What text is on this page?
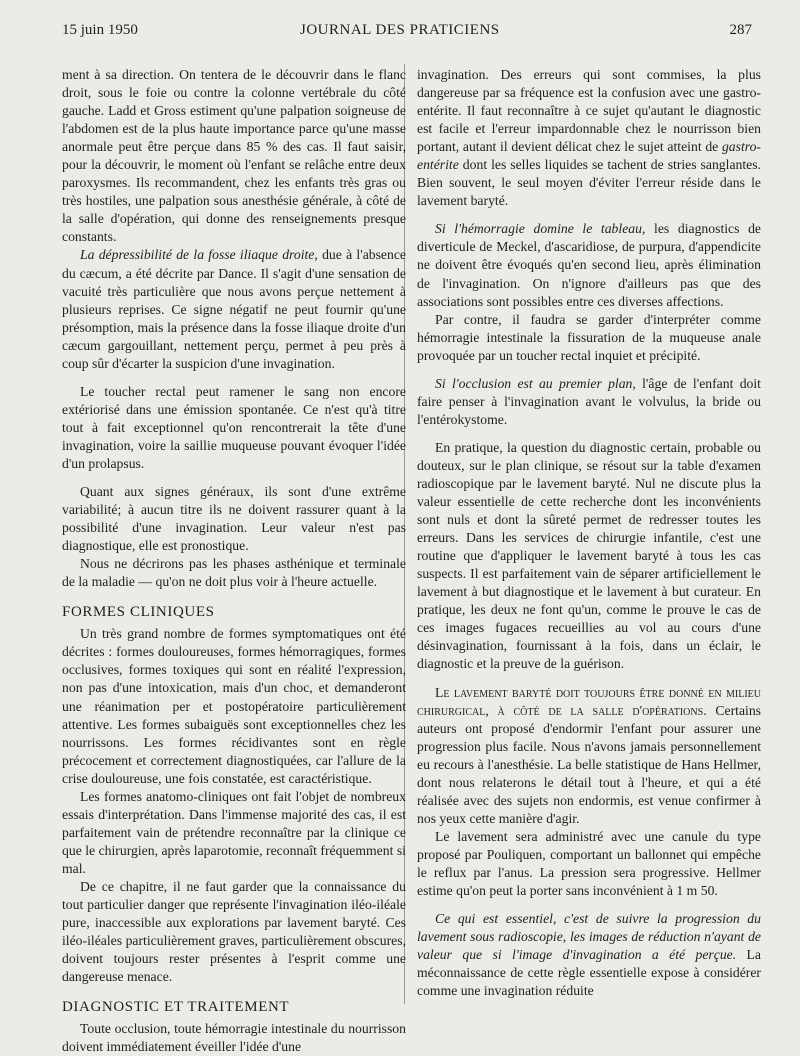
15 juin 1950	JOURNAL DES PRATICIENS	287

ment à sa direction. On tentera de le découvrir dans le flanc droit, sous le foie ou contre la colonne vertébrale du côté gauche. Ladd et Gross estiment qu'une palpation soigneuse de l'abdomen est de la plus haute importance parce qu'une masse anormale peut être perçue dans 85 % des cas. Il faut saisir, pour la découvrir, le moment où l'enfant se relâche entre deux paroxysmes. Ils recommandent, chez les enfants très gras ou très hostiles, une palpation sous anesthésie générale, à côté de la salle d'opération, qui donne des renseignements presque constants.

La dépressibilité de la fosse iliaque droite, due à l'absence du cæcum, a été décrite par Dance. Il s'agit d'une sensation de vacuité très particulière que nous avons perçue nettement à plusieurs reprises. Ce signe négatif ne peut fournir qu'une présomption, mais la présence dans la fosse iliaque droite d'un cæcum gargouillant, nettement perçu, permet à peu près à coup sûr d'écarter la suspicion d'une invagination.

Le toucher rectal peut ramener le sang non encore extériorisé dans une émission spontanée. Ce n'est qu'à titre tout à fait exceptionnel qu'on rencontrerait la tête d'une invagination, voire la saillie muqueuse pouvant évoquer l'idée d'un prolapsus.

Quant aux signes généraux, ils sont d'une extrême variabilité; à aucun titre ils ne doivent rassurer quant à la possibilité d'une invagination. Leur valeur n'est pas diagnostique, elle est pronostique.

Nous ne décrirons pas les phases asthénique et terminale de la maladie — qu'on ne doit plus voir à l'heure actuelle.

FORMES CLINIQUES

Un très grand nombre de formes symptomatiques ont été décrites : formes douloureuses, formes hémorragiques, formes occlusives, formes toxiques qui sont en réalité l'expression, non pas d'une intoxication, mais d'un choc, et demanderont une réanimation per et postopératoire particulièrement attentive. Les formes subaiguës sont exceptionnelles chez les nourrissons. Les formes récidivantes sont en règle précocement et correctement diagnostiquées, car l'allure de la crise douloureuse, une fois constatée, est caractéristique.

Les formes anatomo-cliniques ont fait l'objet de nombreux essais d'interprétation. Dans l'immense majorité des cas, il est parfaitement vain de prétendre reconnaître par la clinique ce que le chirurgien, après laparotomie, reconnaît fréquemment si mal.

De ce chapitre, il ne faut garder que la connaissance du tout particulier danger que représente l'invagination iléo-iléale pure, inaccessible aux explorations par lavement baryté. Ces iléo-iléales particulièrement graves, particulièrement obscures, doivent toujours rester présentes à l'esprit comme une dangereuse menace.

DIAGNOSTIC ET TRAITEMENT

Toute occlusion, toute hémorragie intestinale du nourrisson doivent immédiatement éveiller l'idée d'une

invagination. Des erreurs qui sont commises, la plus dangereuse par sa fréquence est la confusion avec une gastro-entérite. Il faut reconnaître à ce sujet qu'autant le diagnostic est facile et l'erreur impardonnable chez le nourrisson bien portant, autant il devient délicat chez le sujet atteint de gastro-entérite dont les selles liquides se tachent de stries sanglantes. Bien souvent, le seul moyen d'éviter l'erreur réside dans le lavement baryté.

Si l'hémorragie domine le tableau, les diagnostics de diverticule de Meckel, d'ascaridiose, de purpura, d'appendicite ne doivent être évoqués qu'en second lieu, après élimination de l'invagination. On n'ignore d'ailleurs pas que des associations sont possibles entre ces diverses affections.

Par contre, il faudra se garder d'interpréter comme hémorragie intestinale la fissuration de la muqueuse anale provoquée par un toucher rectal inquiet et précipité.

Si l'occlusion est au premier plan, l'âge de l'enfant doit faire penser à l'invagination avant le volvulus, la bride ou l'entérokystome.

En pratique, la question du diagnostic certain, probable ou douteux, sur le plan clinique, se résout sur la table d'examen radioscopique par le lavement baryté. Nul ne discute plus la valeur essentielle de cette recherche dont les inconvénients sont nuls et dont la sûreté permet de redresser toutes les erreurs. Dans les services de chirurgie infantile, c'est une routine que d'appliquer le lavement baryté à tous les cas suspects. Il est parfaitement vain de séparer artificiellement le lavement à but diagnostique et le lavement à but curateur. En pratique, les deux ne font qu'un, comme le prouve le cas de ces images fugaces recueillies au vol au cours d'une désinvagination, fournissant à la fois, dans un éclair, le diagnostic et la preuve de la guérison.

Le lavement baryté doit toujours être donné en milieu chirurgical, à côté de la salle d'opérations. Certains auteurs ont proposé d'endormir l'enfant pour assurer une progression plus facile. Nous n'avons jamais personnellement eu recours à l'anesthésie. La belle statistique de Hans Hellmer, dont nous relaterons le détail tout à l'heure, et qui a été réalisée avec des sujets non endormis, est venue confirmer à nos yeux cette manière d'agir.

Le lavement sera administré avec une canule du type proposé par Pouliquen, comportant un ballonnet qui empêche le reflux par l'anus. La pression sera progressive. Hellmer estime qu'on peut la porter sans inconvénient à 1 m 50.

Ce qui est essentiel, c'est de suivre la progression du lavement sous radioscopie, les images de réduction n'ayant de valeur que si l'image d'invagination a été perçue. La méconnaissance de cette règle essentielle expose à considérer comme une invagination réduite
